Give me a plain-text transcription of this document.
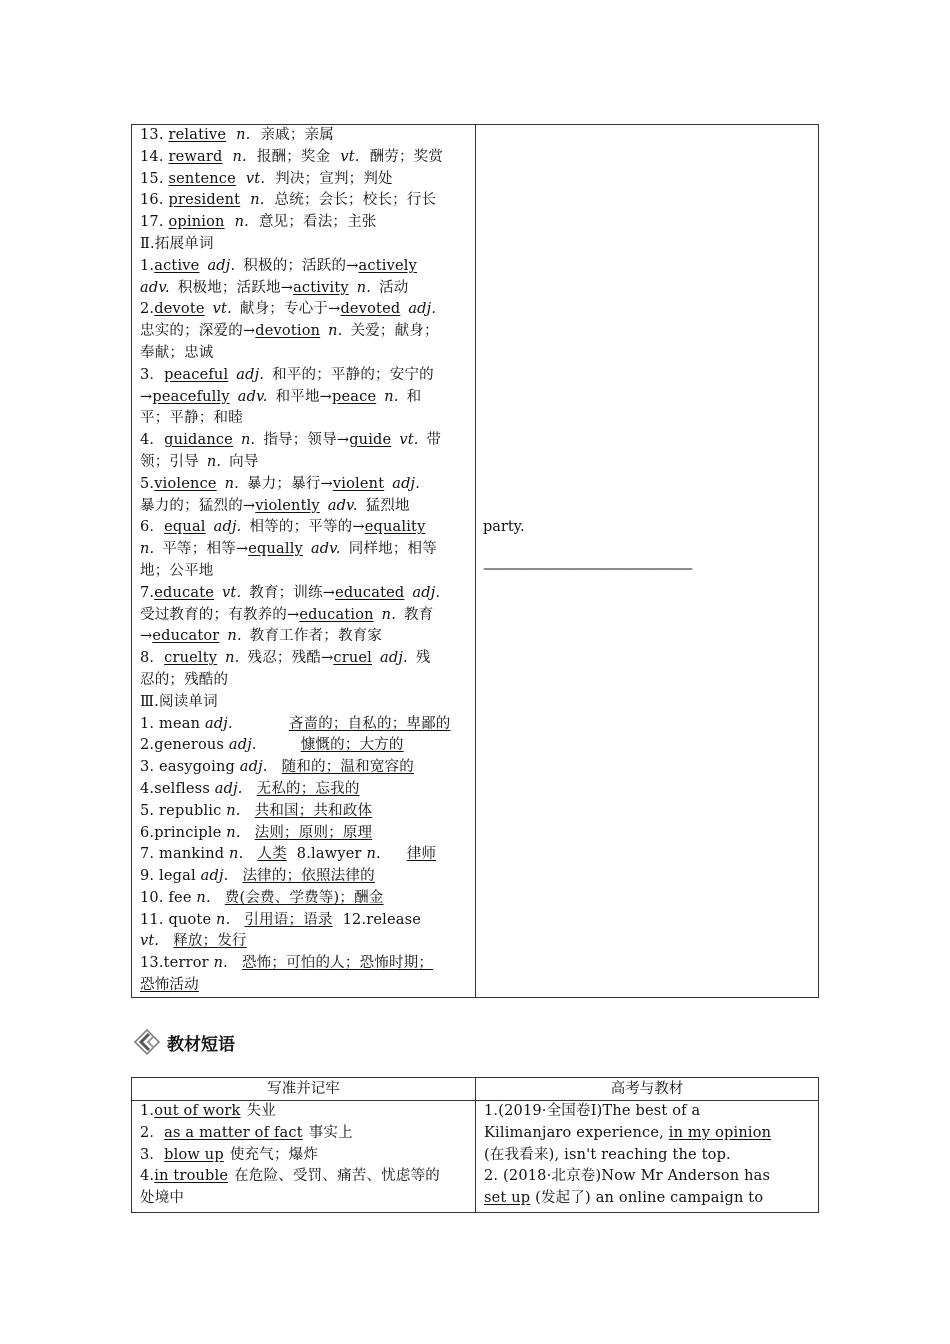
13. relative n. 亲戚；亲属
14. reward n. 报酬；奖金 vt. 酬劳；奖赏
15. sentence vt. 判决；宣判；判处
16. president n. 总统；会长；校长；行长
17. opinion n. 意见；看法；主张
Ⅱ.拓展单词
1.active adj. 积极的；活跃的→actively
adv. 积极地；活跃地→activity n. 活动
2.devote vt. 献身；专心于→devoted adj.
忠实的；深爱的→devotion n. 关爱；献身；
奉献；忠诚
3．peaceful adj. 和平的；平静的；安宁的
→peacefully adv. 和平地→peace n. 和
平；平静；和睦
4．guidance n. 指导；领导→guide vt. 带
领；引导 n. 向导
5.violence n. 暴力；暴行→violent adj.
暴力的；猛烈的→violently adv. 猛烈地
6．equal adj. 相等的；平等的→equality
n. 平等；相等→equally adv. 同样地；相等
地；公平地
7.educate vt. 教育；训练→educated adj.
受过教育的；有教养的→education n. 教育
→educator n. 教育工作者；教育家
8．cruelty n. 残忍；残酷→cruel adj. 残
忍的；残酷的
Ⅲ.阅读单词
1. mean adj.	吝啬的；自私的；卑鄙的
2.generous adj.	慷慨的；大方的
3. easygoing adj. 随和的；温和宽容的
4.selfless adj. 无私的；忘我的
5. republic n. 共和国；共和政体
6.principle n. 法则；原则；原理
7. mankind n. 人类 8.lawyer n. 律师
9. legal adj. 法律的；依照法律的
10. fee n. 费(会费、学费等)；酬金
11. quote n. 引用语；语录 12.release
vt. 释放；发行
13.terror n. 恐怖；可怕的人；恐怖时期；
恐怖活动
party.
——————————————————
教材短语
写准并记牢
1.out of work 失业
2．as a matter of fact 事实上
3．blow up 使充气；爆炸
4.in trouble 在危险、受罚、痛苦、忧虑等的
处境中
高考与教材
1.(2019·全国卷Ⅰ)The best of a
Kilimanjaro experience, in my opinion
(在我看来), isn't reaching the top.
2. (2018·北京卷)Now Mr Anderson has
set up (发起了) an online campaign to
